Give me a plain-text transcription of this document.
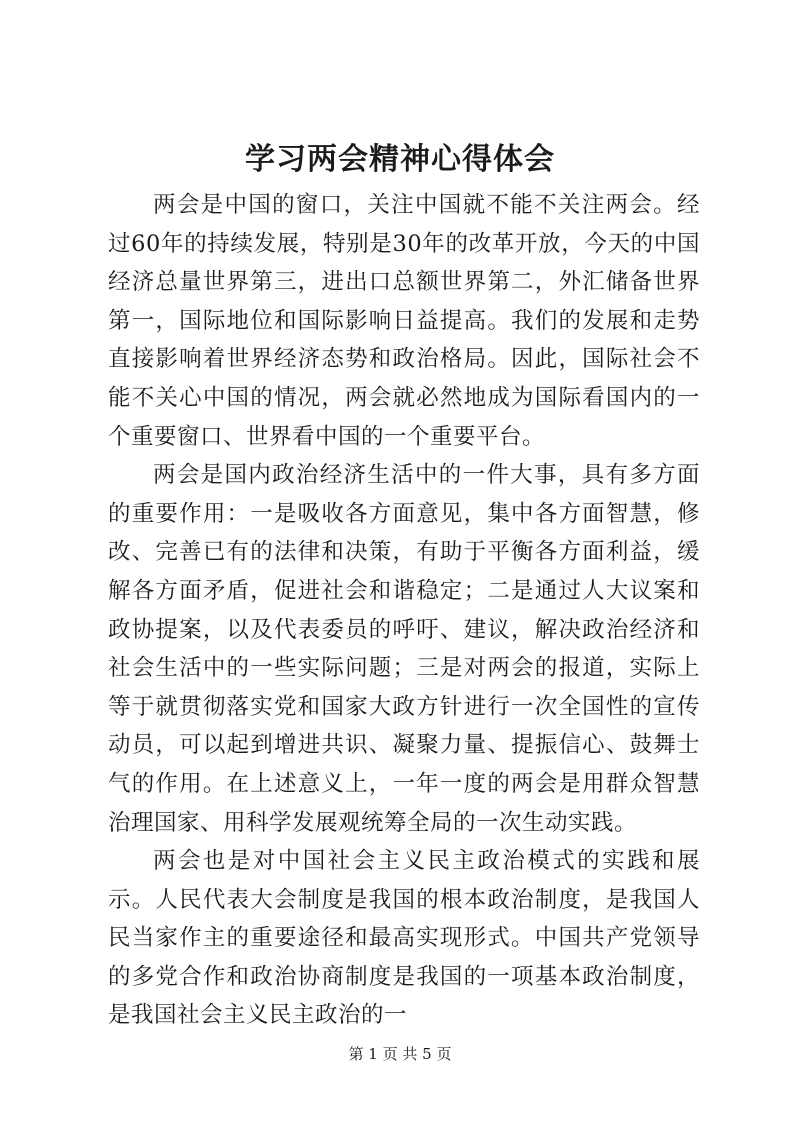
学习两会精神心得体会

两会是中国的窗口，关注中国就不能不关注两会。经过60年的持续发展，特别是30年的改革开放，今天的中国经济总量世界第三，进出口总额世界第二，外汇储备世界第一，国际地位和国际影响日益提高。我们的发展和走势直接影响着世界经济态势和政治格局。因此，国际社会不能不关心中国的情况，两会就必然地成为国际看国内的一个重要窗口、世界看中国的一个重要平台。

两会是国内政治经济生活中的一件大事，具有多方面的重要作用：一是吸收各方面意见，集中各方面智慧，修改、完善已有的法律和决策，有助于平衡各方面利益，缓解各方面矛盾，促进社会和谐稳定；二是通过人大议案和政协提案，以及代表委员的呼吁、建议，解决政治经济和社会生活中的一些实际问题；三是对两会的报道，实际上等于就贯彻落实党和国家大政方针进行一次全国性的宣传动员，可以起到增进共识、凝聚力量、提振信心、鼓舞士气的作用。在上述意义上，一年一度的两会是用群众智慧治理国家、用科学发展观统筹全局的一次生动实践。

两会也是对中国社会主义民主政治模式的实践和展示。人民代表大会制度是我国的根本政治制度，是我国人民当家作主的重要途径和最高实现形式。中国共产党领导的多党合作和政治协商制度是我国的一项基本政治制度，是我国社会主义民主政治的一

第 1 页 共 5 页
